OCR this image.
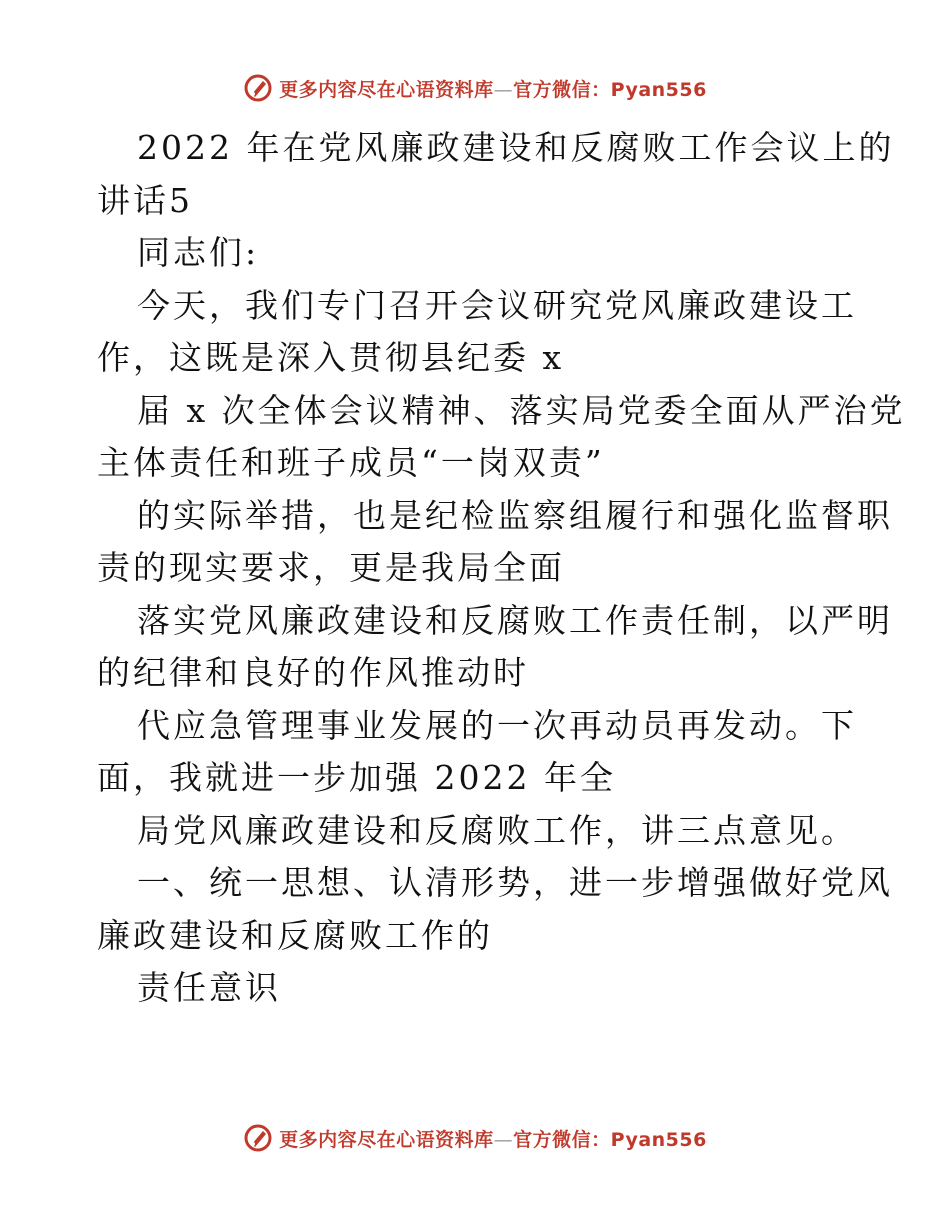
更多内容尽在心语资料库—官方微信：Pyan556
2022 年在党风廉政建设和反腐败工作会议上的
讲话5
同志们:
今天，我们专门召开会议研究党风廉政建设工
作，这既是深入贯彻县纪委 x
届 x 次全体会议精神、落实局党委全面从严治党
主体责任和班子成员“一岗双责”
的实际举措，也是纪检监察组履行和强化监督职
责的现实要求，更是我局全面
落实党风廉政建设和反腐败工作责任制，以严明
的纪律和良好的作风推动时
代应急管理事业发展的一次再动员再发动。下
面，我就进一步加强 2022 年全
局党风廉政建设和反腐败工作，讲三点意见。
一、统一思想、认清形势，进一步增强做好党风
廉政建设和反腐败工作的
责任意识
更多内容尽在心语资料库—官方微信：Pyan556
